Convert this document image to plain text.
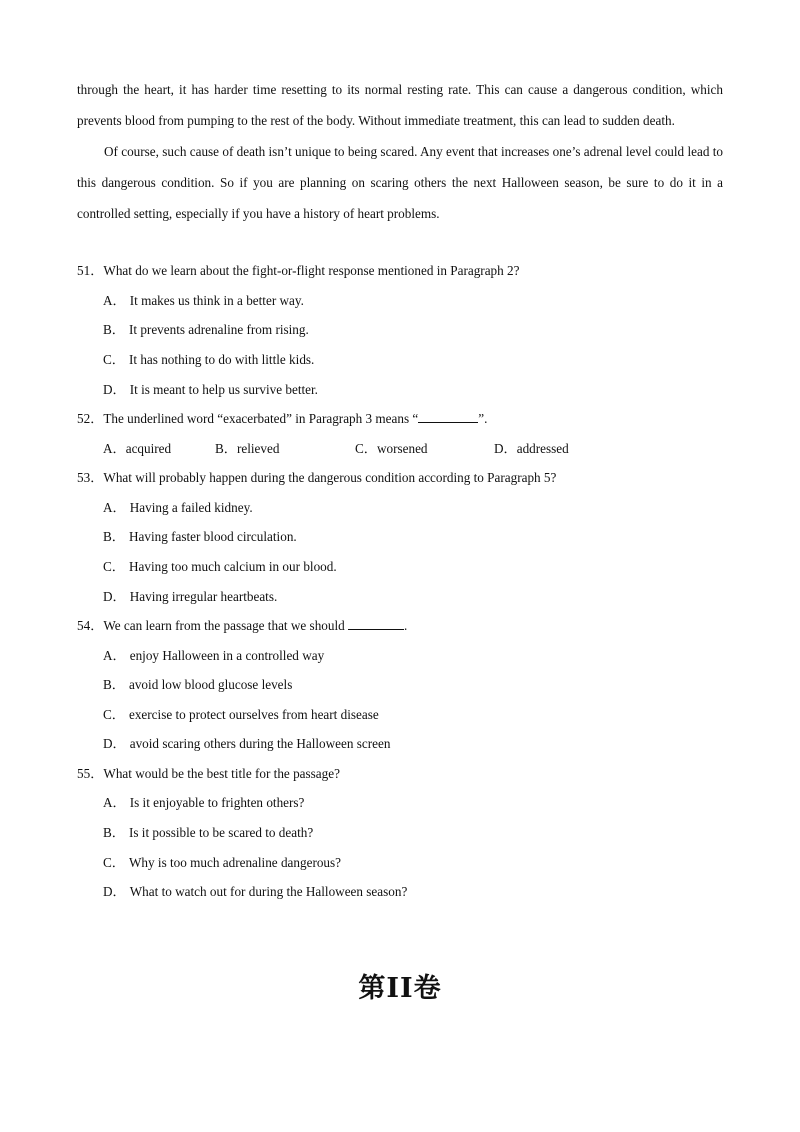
through the heart, it has harder time resetting to its normal resting rate. This can cause a dangerous condition, which prevents blood from pumping to the rest of the body. Without immediate treatment, this can lead to sudden death.

Of course, such cause of death isn’t unique to being scared. Any event that increases one’s adrenal level could lead to this dangerous condition. So if you are planning on scaring others the next Halloween season, be sure to do it in a controlled setting, especially if you have a history of heart problems.

51．What do we learn about the fight-or-flight response mentioned in Paragraph 2?
A． It makes us think in a better way.
B． It prevents adrenaline from rising.
C． It has nothing to do with little kids.
D． It is meant to help us survive better.
52．The underlined word “exacerbated” in Paragraph 3 means “	”.
A．acquired	B．relieved	C．worsened	D．addressed
53．What will probably happen during the dangerous condition according to Paragraph 5?
A． Having a failed kidney.
B． Having faster blood circulation.
C． Having too much calcium in our blood.
D． Having irregular heartbeats.
54．We can learn from the passage that we should	.
A． enjoy Halloween in a controlled way
B． avoid low blood glucose levels
C． exercise to protect ourselves from heart disease
D． avoid scaring others during the Halloween screen
55．What would be the best title for the passage?
A． Is it enjoyable to frighten others?
B． Is it possible to be scared to death?
C． Why is too much adrenaline dangerous?
D． What to watch out for during the Halloween season?
第II卷
